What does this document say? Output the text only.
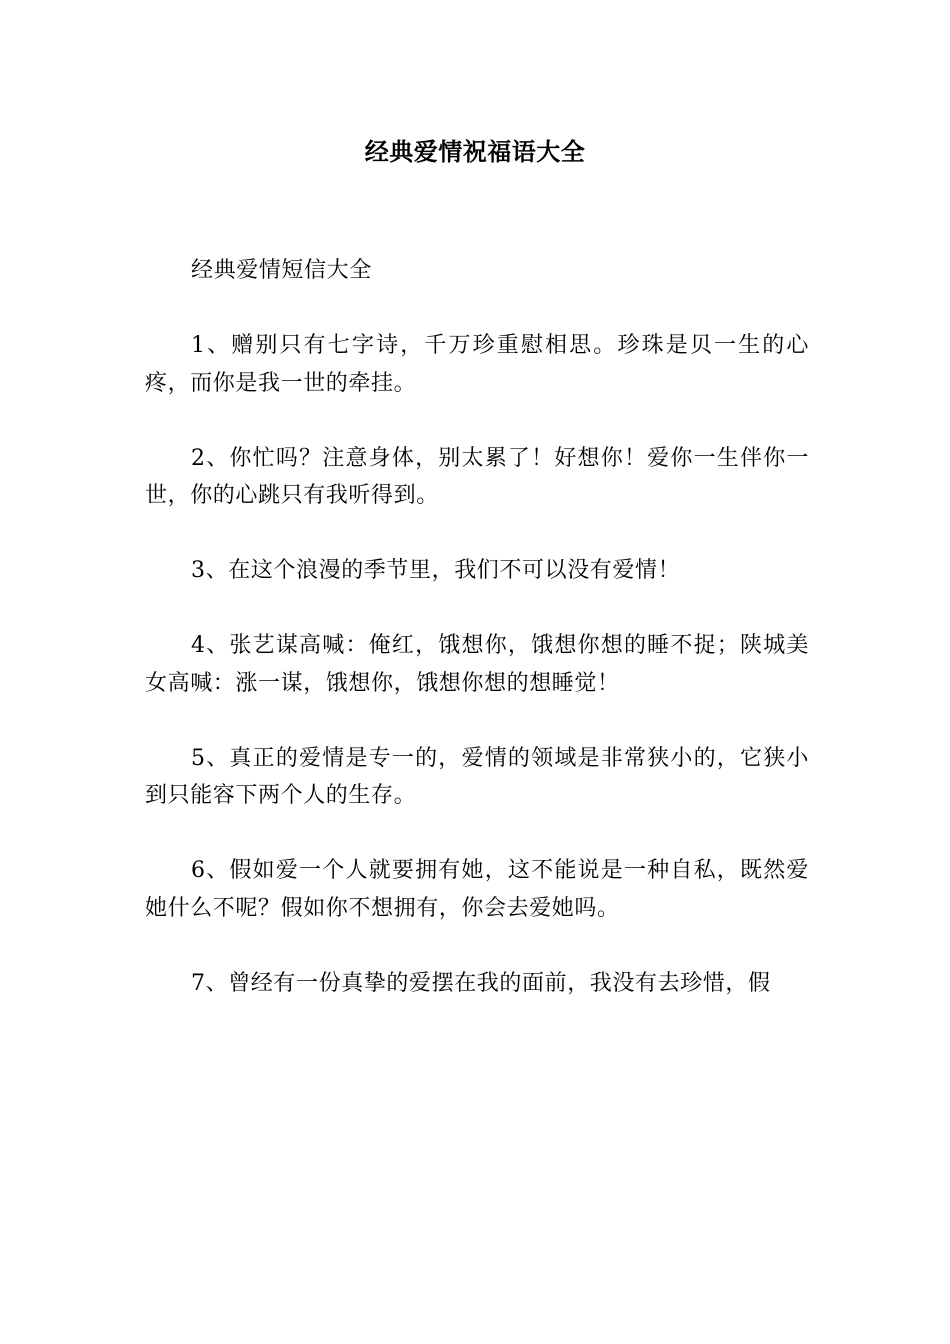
经典爱情祝福语大全

经典爱情短信大全

1、赠别只有七字诗，千万珍重慰相思。珍珠是贝一生的心疼，而你是我一世的牵挂。

2、你忙吗？注意身体，别太累了！好想你！爱你一生伴你一世，你的心跳只有我听得到。

3、在这个浪漫的季节里，我们不可以没有爱情！

4、张艺谋高喊：俺红，饿想你，饿想你想的睡不捉；陕城美女高喊：涨一谋，饿想你，饿想你想的想睡觉！

5、真正的爱情是专一的，爱情的领域是非常狭小的，它狭小到只能容下两个人的生存。

6、假如爱一个人就要拥有她，这不能说是一种自私，既然爱她什么不呢？假如你不想拥有，你会去爱她吗。

7、曾经有一份真挚的爱摆在我的面前，我没有去珍惜，假
